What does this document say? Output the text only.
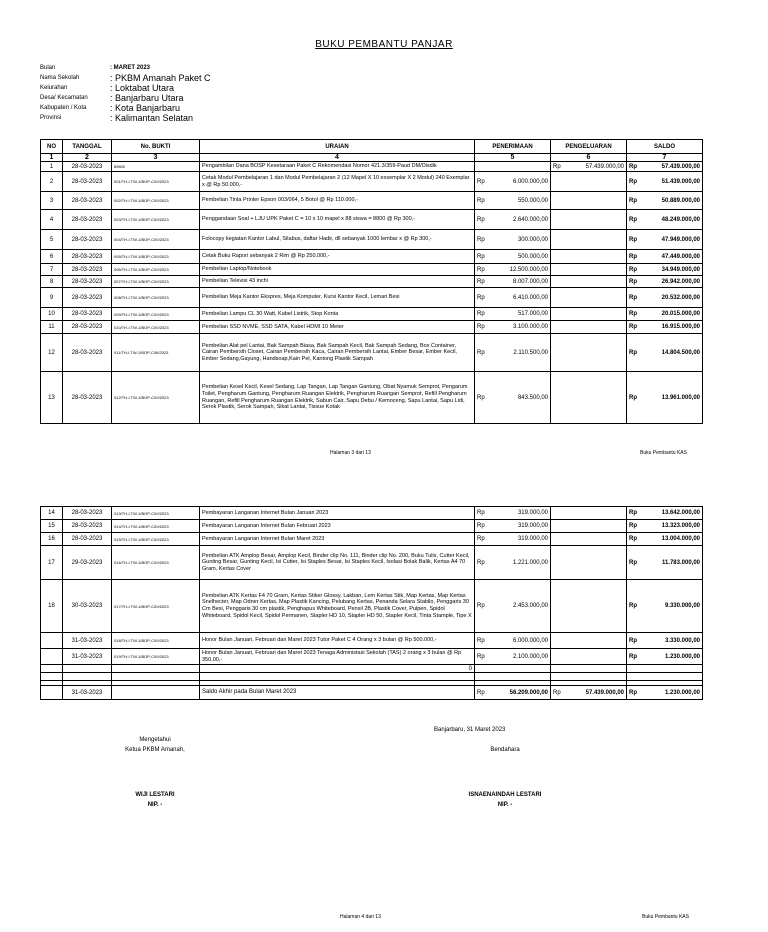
BUKU PEMBANTU PANJAR
Bulan	: MARET 2023
Nama Sekolah	: PKBM Amanah Paket C
Kelurahan	: Loktabat Utara
Desa/ Kecamatan	: Banjarbaru Utara
Kabupaten / Kota	: Kota Banjarbaru
Provinsi	: Kalimantan Selatan
NO	TANGGAL	No. BUKTI	URAIAN	PENERIMAAN		PENGELUARAN		SALDO	
1	2	3	4	5		6		7	
1	28-03-2023	89600	Pengambilan Dana BOSP Kesetaraan Paket C Rekomendasi Nomor 421.3/359-Paud DM/Disdik			Rp	57.439.000,00	Rp	57.439.000,00
2	28-03-2023	001/TH-I.TW-1/BOP-C/III/2023	Cetak Modul Pembelajaran 1 dan Modul Pembelajaran 2 (12 Mapel X 10 exsemplar X 2 Modul) 240 Exemplar x @ Rp 50.000,-	Rp	6.000.000,00			Rp	51.439.000,00
3	28-03-2023	002/TH-I.TW-1/BOP-C/III/2023	Pembelian Tinta Printer Epson 003/064, 5 Botol @ Rp 110.000,-	Rp	550.000,00			Rp	50.889.000,00
4	28-03-2023	003/TH-I.TW-1/BOP-C/III/2023	Penggandaan Soal + LJU UPK Paket C = 10 x 10 mapel x 88 siswa = 8800 @ Rp 300,-	Rp	2.640.000,00			Rp	48.249.000,00
5	28-03-2023	004/TH-I.TW-1/BOP-C/III/2023	Folocopy kegiatan Kantor Labul, Silabus, daftar Hadir, dll sebanyak 1000 lembar x @ Rp 300,-	Rp	300.000,00			Rp	47.949.000,00
6	28-03-2023	005/TH-I.TW-1/BOP-C/III/2023	Cetak Buku Rapori sebanyak 2 Rim @ Rp 250.000,-	Rp	500.000,00			Rp	47.449.000,00
7	28-03-2023	006/TH-I.TW-1/BOP-C/III/2023	Pembelian Laptop/Notebook	Rp	12.500.000,00			Rp	34.949.000,00
8	28-03-2023	007/TH-I.TW-1/BOP-C/III/2023	Pembelian Televisi 43 inchi	Rp	8.007.000,00			Rp	26.942.000,00
9	28-03-2023	008/TH-I.TW-1/BOP-C/III/2023	Pembelian Meja Kantor Ekspres, Meja Komputer, Kursi Kantor Kecil, Lemari Besi	Rp	6.410.000,00			Rp	20.532.000,00
10	28-03-2023	009/TH-I.TW-1/BOP-C/III/2023	Pembelian Lampu CL 30 Watt, Kabel Listrik, Stop Konta	Rp	517.000,00			Rp	20.015.000,00
11	28-03-2023	010/TH-I.TW-1/BOP-C/III/2023	Pembelian SSD NVME, SSD SATA, Kabel HDMI 10 Meter	Rp	3.100.000,00			Rp	16.915.000,00
12	28-03-2023	011/TH-I.TW-1/BOP-C/III/2023	Pembelian Alat pel Lantai, Bak Sampah Biasa, Bak Sampah Kecil, Bak Sampah Sedang, Box Container, Cairan Pembersih Closet, Cairan Pembersih Kaca, Cairan Pembersih Lantai, Ember Besar, Ember Kecil, Ember Sedang,Gayung, Handsoap,Kain Pel, Kantong Plastik Sampah	Rp	2.110.500,00			Rp	14.804.500,00
13	28-03-2023	012/TH-I.TW-1/BOP-C/III/2023	Pembelian Kesel Kecil, Kesel Sedang, Lap Tangan, Lap Tangan Gantung, Obat Nyamuk Semprot, Pengarum Toilet, Pengharum Gantung, Pengharum Ruangan Elektrik, Pengharum Ruangan Semprot, Refill Pengharum Ruangan, Refill Pengharum Ruangan Elektrik, Sabun Cair, Sapu Debu / Kemoceng, Sapu Lantai, Sapu Lidi, Serok Plastik, Serok Sampah, Sikat Lantai, Tissue Kotak	Rp	843.500,00			Rp	13.961.000,00
Halaman 3 dari 13	Buku Pembantu KAS
14	28-03-2023	013/TH-I.TW-1/BOP-C/III/2023	Pembayaran Langanan Internet Bulan Januari 2023	Rp	319.000,00			Rp	13.642.000,00
15	28-03-2023	014/TH-I.TW-1/BOP-C/III/2023	Pembayaran Langanan Internet Bulan Februari 2023	Rp	319.000,00			Rp	13.323.000,00
16	28-03-2023	015/TH-I.TW-1/BOP-C/III/2023	Pembayaran Langanan Internet Bulan Maret 2023	Rp	319.000,00			Rp	13.004.000,00
17	29-03-2023	016/TH-I.TW-1/BOP-C/III/2023	Pembelian ATK Amplop Besar, Amplop Kecil, Binder clip No. 111, Binder clip No. 200, Buku Tulis, Cutter Kecil, Gunting Besar, Gunting Kecil, Isi Cutter, Isi Staples Besar, Isi Staples Kecil, Isolasi Bolak Balik, Kertas A4 70 Gram, Kertas Cover	Rp	1.221.000,00			Rp	11.783.000,00
18	30-03-2023	017/TH-I.TW-1/BOP-C/III/2023	Pembelian ATK Kertas F4 70 Gram, Kertas Stiker Glossy, Lakban, Lem Kertas Stik, Map Kertas, Map Kertas Snelhecter, Map Odner Kertas, Map Plastik Kancing, Pelubang Kertas, Penanda Selara Stabilo, Penggaris 30 Cm Besi, Penggaris 30 cm plastik, Penghapus Whiteboard, Pensil 2B, Plastik Cover, Pulpen, Spidol Whiteboard, Spidol Kecil, Spidol Permanen, Stapler HD 10, Stapler HD 50, Stapler Kecil, Tinta Stample, Tipe X	Rp	2.453.000,00			Rp	9.330.000,00
	31-03-2023	018/TH-I.TW-1/BOP-C/III/2023	Honor Bulan Januari, Februari dan Maret 2023 Tutor Paket C 4 Orang x 3 bulan @ Rp 500.000,-	Rp	6.000.000,00			Rp	3.330.000,00
	31-03-2023	019/TH-I.TW-1/BOP-C/III/2023	Honor Bulan Januari, Februari dan Maret 2023 Tenaga Administasi Sekolah (TAS) 2 orang x 3 bulan @ Rp 350.00,-	Rp	2.100.000,00			Rp	1.230.000,00
			0						

	31-03-2023		Saldo Akhir pada Bulan Maret 2023	Rp	56.209.000,00	Rp	57.439.000,00	Rp	1.230.000,00
Banjarbaru, 31 Maret 2023
Mengetahui
Ketua PKBM Amanah,	Bendahara
WIJI LESTARI
NIP. -
ISNAENAINDAH LESTARI
NIP. -
Halaman 4 dari 13	Buku Pembantu KAS
